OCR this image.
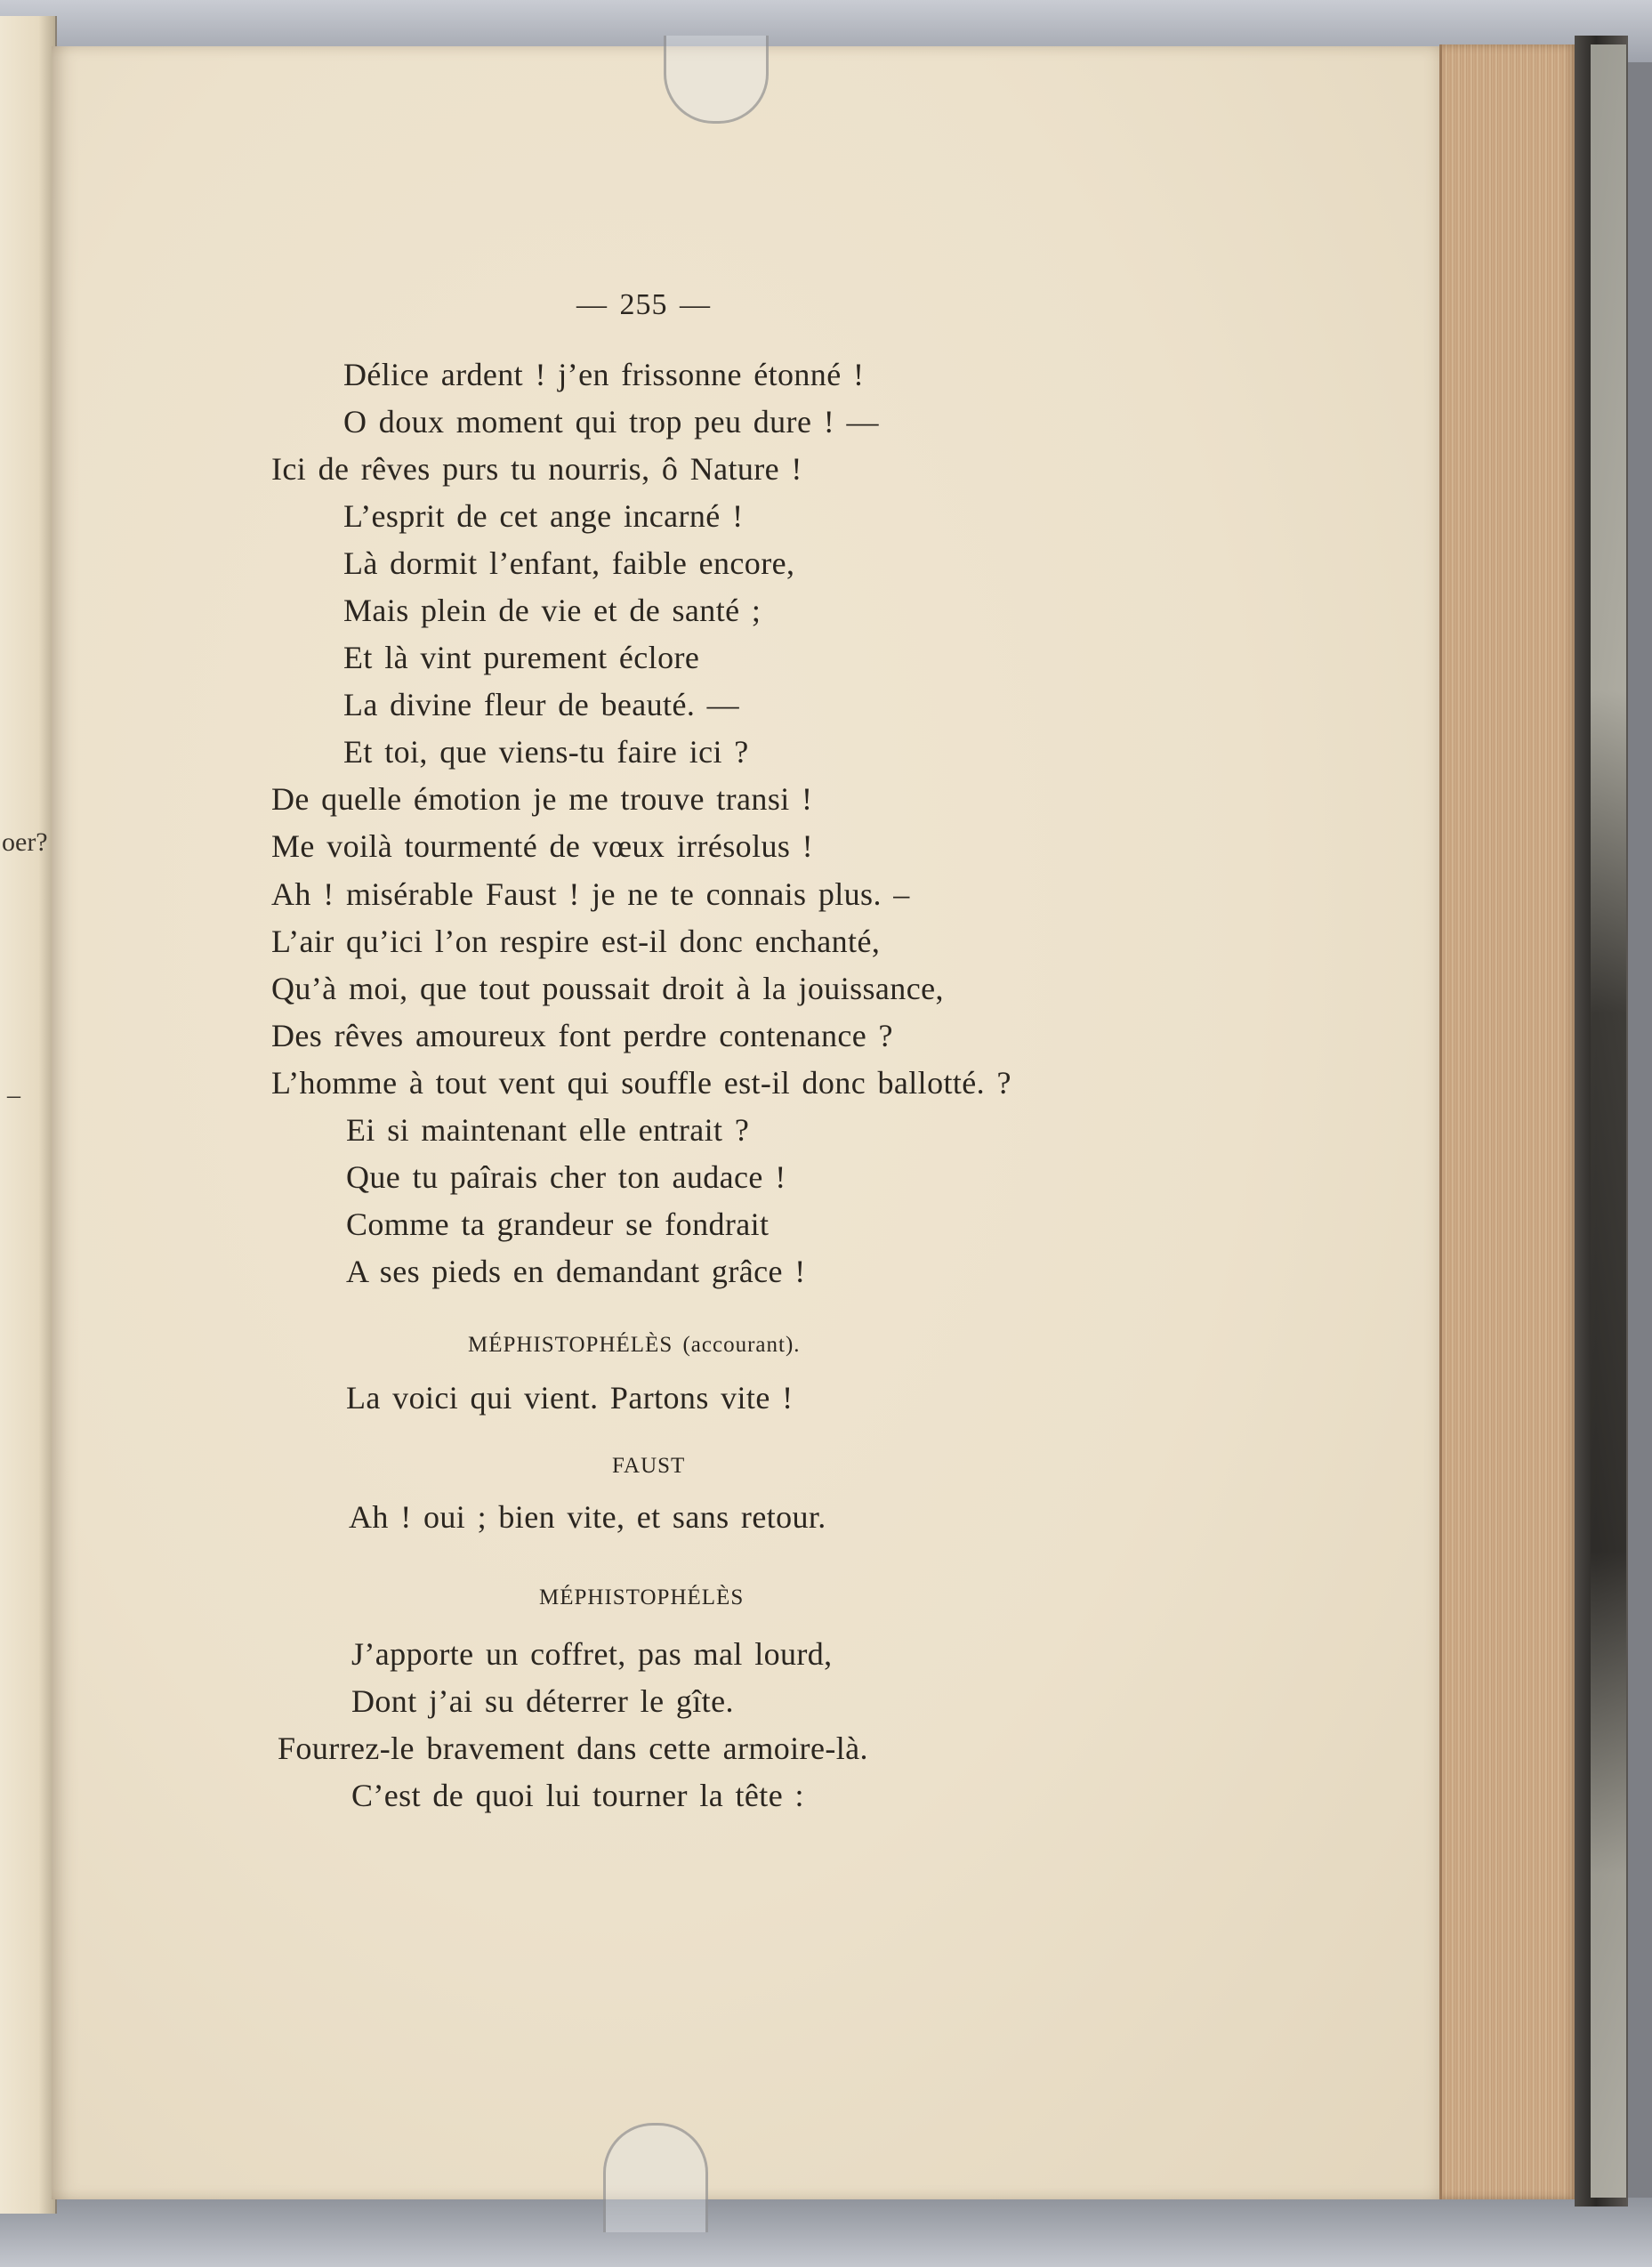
oer?
–
— 255 —
Délice ardent ! j’en frissonne étonné !
O doux moment qui trop peu dure ! —
Ici de rêves purs tu nourris, ô Nature !
L’esprit de cet ange incarné !
Là dormit l’enfant, faible encore,
Mais plein de vie et de santé ;
Et là vint purement éclore
La divine fleur de beauté. —
Et toi, que viens-tu faire ici ?
De quelle émotion je me trouve transi !
Me voilà tourmenté de vœux irrésolus !
Ah ! misérable Faust ! je ne te connais plus. –
L’air qu’ici l’on respire est-il donc enchanté,
Qu’à moi, que tout poussait droit à la jouissance,
Des rêves amoureux font perdre contenance ?
L’homme à tout vent qui souffle est-il donc ballotté. ?
Ei si maintenant elle entrait ?
Que tu paîrais cher ton audace !
Comme ta grandeur se fondrait
A ses pieds en demandant grâce !
MÉPHISTOPHÉLÈS (accourant).
La voici qui vient. Partons vite !
FAUST
Ah ! oui ; bien vite, et sans retour.
MÉPHISTOPHÉLÈS
J’apporte un coffret, pas mal lourd,
Dont j’ai su déterrer le gîte.
Fourrez-le bravement dans cette armoire-là.
C’est de quoi lui tourner la tête :
